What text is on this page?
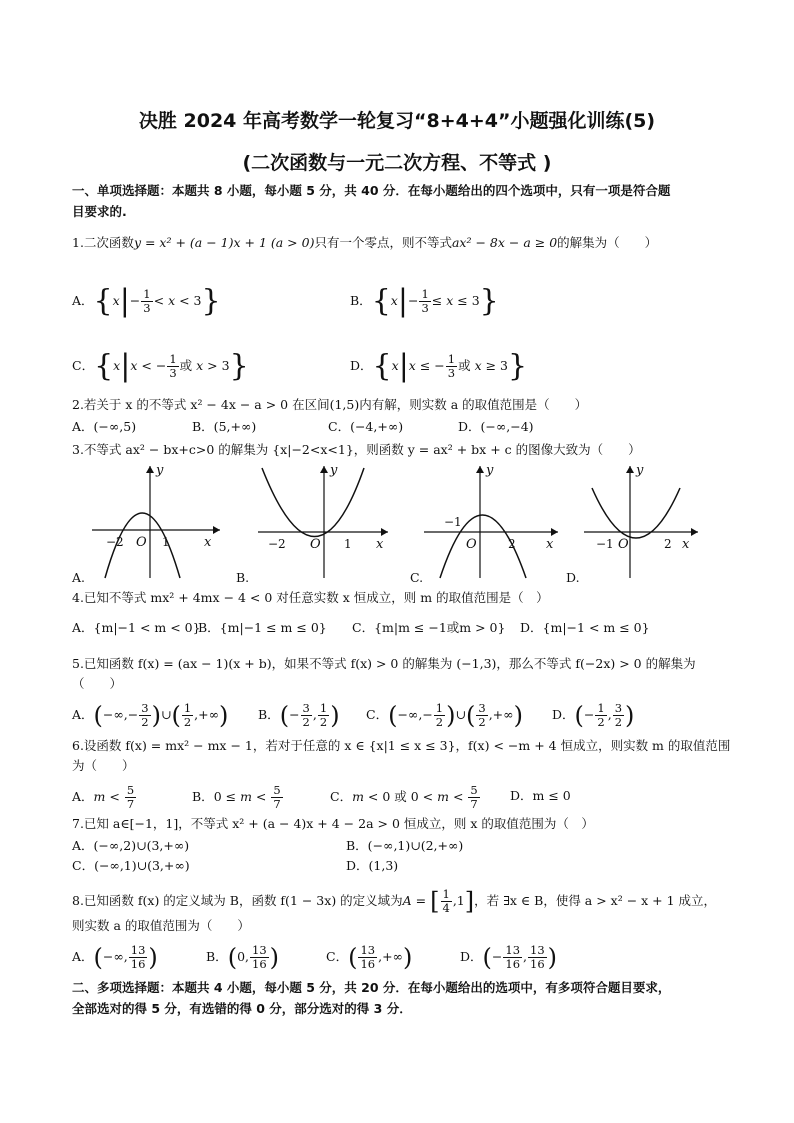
决胜 2024 年高考数学一轮复习“8+4+4”小题强化训练(5)
(二次函数与一元二次方程、不等式 )
一、单项选择题：本题共 8 小题，每小题 5 分，共 40 分．在每小题给出的四个选项中，只有一项是符合题
目要求的.
1.二次函数y = x² + (a − 1)x + 1 (a > 0)只有一个零点，则不等式ax² − 8x − a ≥ 0的解集为（　　）
A．$\{x|- \frac{1}{3} < x < 3\}$	B．$\{x|- \frac{1}{3} \le x \le 3\}$
C．{x|x < − $\frac{1}{3}$ 或 x > 3}	D．{x|x ≤ − $\frac{1}{3}$ 或 x ≥ 3}
2.若关于 x 的不等式 x² − 4x − a > 0 在区间(1,5)内有解，则实数 a 的取值范围是（　　）
A．(−∞,5)	B．(5,+∞)	C．(−4,+∞)	D．(−∞,−4)
3.不等式 ax² − bx+c>0 的解集为 {x|−2<x<1}，则函数 y = ax² + bx + c 的图像大致为（　　）
y
x
O
−2	1
y
x
O
−2	1
y
x
O
−1
2
y
x
O
−1	2
A.	B.	C.	D.
4.已知不等式 mx² + 4mx − 4 < 0 对任意实数 x 恒成立，则 m 的取值范围是（　）
A．{m|−1 < m < 0}
B．{m|−1 ≤ m ≤ 0} C．{m|m ≤ −1或m > 0} D．{m|−1 < m ≤ 0}
5.已知函数 f(x) = (ax − 1)(x + b)，如果不等式 f(x) > 0 的解集为 (−1,3)，那么不等式 f(−2x) > 0 的解集为
（　　）
A．(−∞,− $\frac{3}{2}$ )∪( $\frac{1}{2}$ ,+∞) B．(− $\frac{3}{2}$ , $\frac{1}{2}$ ) C．(−∞,− $\frac{1}{2}$ )∪( $\frac{3}{2}$ ,+∞) D．(− $\frac{1}{2}$ , $\frac{3}{2}$ )
6.设函数 f(x) = mx² − mx − 1，若对于任意的 x ∈ {x|1 ≤ x ≤ 3}，f(x) < −m + 4 恒成立，则实数 m 的取值范围
为（　　）
A．$m < \frac{5}{7}$	B．$0 \le m < \frac{5}{7}$	C．m < 0 或 $0 < m < \frac{5}{7}$ D．m ≤ 0
7.已知 a∈[−1，1]，不等式 x² + (a − 4)x + 4 − 2a > 0 恒成立，则 x 的取值范围为（　）
A．(−∞,2)∪(3,+∞)	B．(−∞,1)∪(2,+∞)
C．(−∞,1)∪(3,+∞)	D．(1,3)
8.已知函数 f(x) 的定义域为 B，函数 f(1 − 3x) 的定义域为A = [ $\frac{1}{4} ,1$]，若 ∃x ∈ B，使得 a > x² − x + 1 成立，
则实数 a 的取值范围为（　　）
A．(−∞, $\frac{13}{16}$ )	B．(0, $\frac{13}{16}$ )	C．( $\frac{13}{16}$ ,+∞)	D．(− $\frac{13}{16}$ , $\frac{13}{16}$ )
二、多项选择题：本题共 4 小题，每小题 5 分，共 20 分．在每小题给出的选项中，有多项符合题目要求，
全部选对的得 5 分，有选错的得 0 分，部分选对的得 3 分．
